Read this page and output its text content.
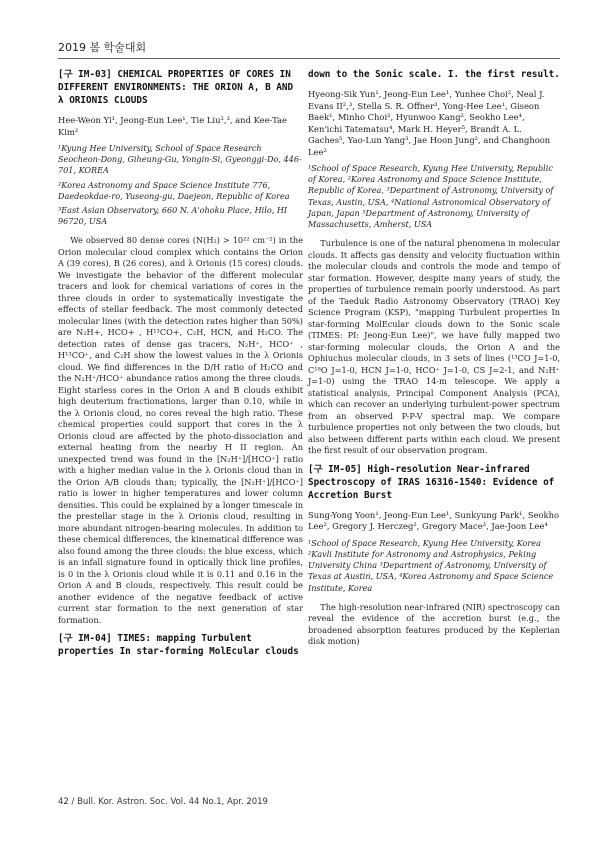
2019 봄 학술대회
[구 IM-03] CHEMICAL PROPERTIES OF CORES IN DIFFERENT ENVIRONMENTS: THE ORION A, B AND λ ORIONIS CLOUDS
Hee-Weon Yi¹, Jeong-Eun Lee¹, Tie Liu²,³, and Kee-Tae Kim²

¹Kyung Hee University, School of Space Research Seocheon-Dong, Giheung-Gu, Yongin-Si, Gyeonggi-Do, 446-701, KOREA

²Korea Astronomy and Space Science Institute 776, Daedeokdae-ro, Yuseong-gu, Daejeon, Republic of Korea

³East Asian Observatory, 660 N. A'ohoku Place, Hilo, HI 96720, USA

We observed 80 dense cores (N(H₂) > 10²² cm⁻²) in the Orion molecular cloud complex which contains the Orion A (39 cores), B (26 cores), and λ Orionis (15 cores) clouds. We investigate the behavior of the different molecular tracers and look for chemical variations of cores in the three clouds in order to systematically investigate the effects of stellar feedback. The most commonly detected molecular lines (with the detection rates higher than 50%) are N₂H+, HCO+ , H¹³CO+, C₂H, HCN, and H₂CO. The detection rates of dense gas tracers, N₂H⁺, HCO⁺ , H¹³CO⁺, and C₂H show the lowest values in the λ Orionis cloud. We find differences in the D/H ratio of H₂CO and the N₂H⁺/HCO⁺ abundance ratios among the three clouds. Eight starless cores in the Orion A and B clouds exhibit high deuterium fractionations, larger than 0.10, while in the λ Orionis cloud, no cores reveal the high ratio. These chemical properties could support that cores in the λ Orionis cloud are affected by the photo-dissociation and external heating from the nearby H II region. An unexpected trend was found in the [N₂H⁺]/[HCO⁺] ratio with a higher median value in the λ Orionis cloud than in the Orion A/B clouds than; typically, the [N₂H⁺]/[HCO⁺] ratio is lower in higher temperatures and lower column densities. This could be explained by a longer timescale in the prestellar stage in the λ Orionis cloud, resulting in more abundant nitrogen-bearing molecules. In addition to these chemical differences, the kinematical difference was also found among the three clouds: the blue excess, which is an infall signature found in optically thick line profiles, is 0 in the λ Orionis cloud while it is 0.11 and 0.16 in the Orion A and B clouds, respectively. This result could be another evidence of the negative feedback of active current star formation to the next generation of star formation.
[구 IM-04] TIMES: mapping Turbulent properties In star-forming MolEcular clouds
down to the Sonic scale. I. the first result.
Hyeong-Sik Yun¹, Jeong-Eun Lee¹, Yunhee Choi², Neal J. Evans II²,³, Stella S. R. Offner³, Yong-Hee Lee¹, Giseon Baek¹, Minho Choi², Hyunwoo Kang², Seokho Lee⁴, Ken'ichi Tatematsu⁴, Mark H. Heyer⁵, Brandt A. L. Gaches⁵, Yao-Lun Yang³, Jae Hoon Jung², and Changhoon Lee²
¹School of Space Research, Kyung Hee University, Republic of Korea, ²Korea Astronomy and Space Science Institute, Republic of Korea, ³Department of Astronomy, University of Texas, Austin, USA, ⁴National Astronomical Observatory of Japan, Japan ⁵Department of Astronomy, University of Massachusetts, Amherst, USA
Turbulence is one of the natural phenomena in molecular clouds. It affects gas density and velocity fluctuation within the molecular clouds and controls the mode and tempo of star formation. However, despite many years of study, the properties of turbulence remain poorly understood. As part of the Taeduk Radio Astronomy Observatory (TRAO) Key Science Program (KSP), "mapping Turbulent properties In star-forming MolEcular clouds down to the Sonic scale (TIMES: PI: Jeong-Eun Lee)", we have fully mapped two star-forming molecular clouds, the Orion A and the Ophiuchus molecular clouds, in 3 sets of lines (¹³CO J=1-0, C¹⁸O J=1-0, HCN J=1-0, HCO⁺ J=1-0, CS J=2-1, and N₂H⁺ J=1-0) using the TRAO 14-m telescope. We apply a statistical analysis, Principal Component Analysis (PCA), which can recover an underlying turbulent-power spectrum from an observed P-P-V spectral map. We compare turbulence properties not only between the two clouds, but also between different parts within each cloud. We present the first result of our observation program.
[구 IM-05] High-resolution Near-infrared Spectroscopy of IRAS 16316-1540: Evidence of Accretion Burst
Sung-Yong Yoon¹, Jeong-Eun Lee¹, Sunkyung Park¹, Seokho Lee², Gregory J. Herczeg², Gregory Mace³, Jae-Joon Lee⁴
¹School of Space Research, Kyung Hee University, Korea ²Kavli Institute for Astronomy and Astrophysics, Peking University China ³Department of Astronomy, University of Texas at Austin, USA, ⁴Korea Astronomy and Space Science Institute, Korea
The high-resolution near-infrared (NIR) spectroscopy can reveal the evidence of the accretion burst (e.g., the broadened absorption features produced by the Keplerian disk motion)
42 / Bull. Kor. Astron. Soc. Vol. 44 No.1, Apr. 2019
